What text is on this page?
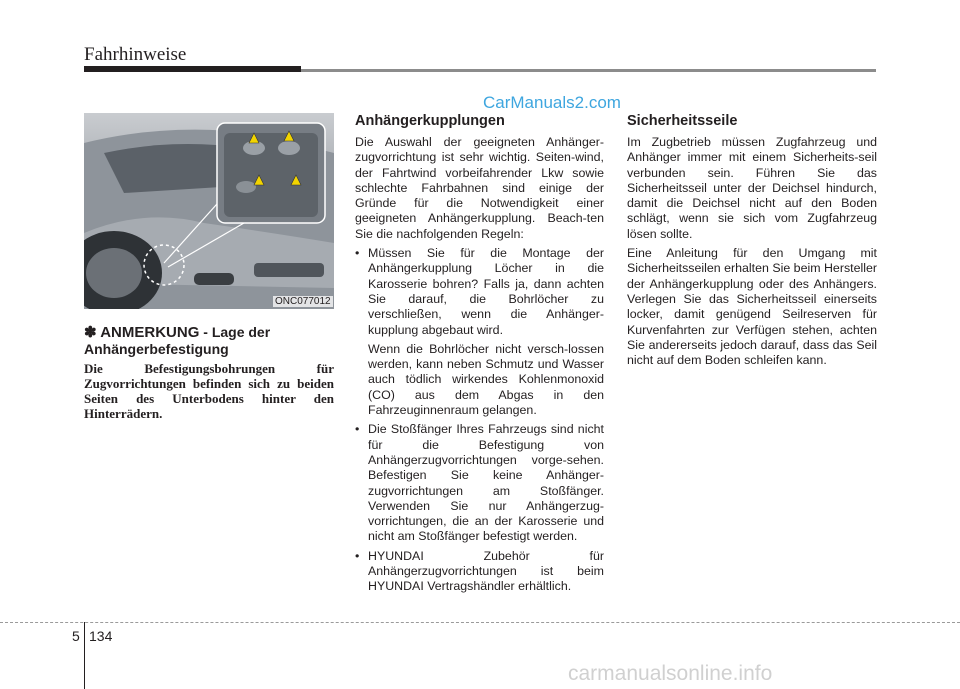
Fahrhinweise
CarManuals2.com
ONC077012
✽ ANMERKUNG - Lage der Anhängerbefestigung
Die Befestigungsbohrungen für Zugvorrichtungen befinden sich zu beiden Seiten des Unterbodens hinter den Hinterrädern.
Anhängerkupplungen
Die Auswahl der geeigneten Anhänger-zugvorrichtung ist sehr wichtig. Seiten-wind, der Fahrtwind vorbeifahrender Lkw sowie schlechte Fahrbahnen sind einige der Gründe für die Notwendigkeit einer geeigneten Anhängerkupplung. Beach-ten Sie die nachfolgenden Regeln:
• Müssen Sie für die Montage der Anhängerkupplung Löcher in die Karosserie bohren? Falls ja, dann achten Sie darauf, die Bohrlöcher zu verschließen, wenn die Anhänger-kupplung abgebaut wird.
Wenn die Bohrlöcher nicht versch-lossen werden, kann neben Schmutz und Wasser auch tödlich wirkendes Kohlenmonoxid (CO) aus dem Abgas in den Fahrzeuginnenraum gelangen.
• Die Stoßfänger Ihres Fahrzeugs sind nicht für die Befestigung von Anhängerzugvorrichtungen vorge-sehen. Befestigen Sie keine Anhänger-zugvorrichtungen am Stoßfänger. Verwenden Sie nur Anhängerzug-vorrichtungen, die an der Karosserie und nicht am Stoßfänger befestigt werden.
• HYUNDAI Zubehör für Anhängerzugvorrichtungen ist beim HYUNDAI Vertragshändler erhältlich.
Sicherheitsseile
Im Zugbetrieb müssen Zugfahrzeug und Anhänger immer mit einem Sicherheits-seil verbunden sein. Führen Sie das Sicherheitsseil unter der Deichsel hindurch, damit die Deichsel nicht auf den Boden schlägt, wenn sie sich vom Zugfahrzeug lösen sollte.
Eine Anleitung für den Umgang mit Sicherheitsseilen erhalten Sie beim Hersteller der Anhängerkupplung oder des Anhängers. Verlegen Sie das Sicherheitsseil einerseits locker, damit genügend Seilreserven für Kurvenfahrten zur Verfügen stehen, achten Sie andererseits jedoch darauf, dass das Seil nicht auf dem Boden schleifen kann.
5 134
carmanualsonline.info
